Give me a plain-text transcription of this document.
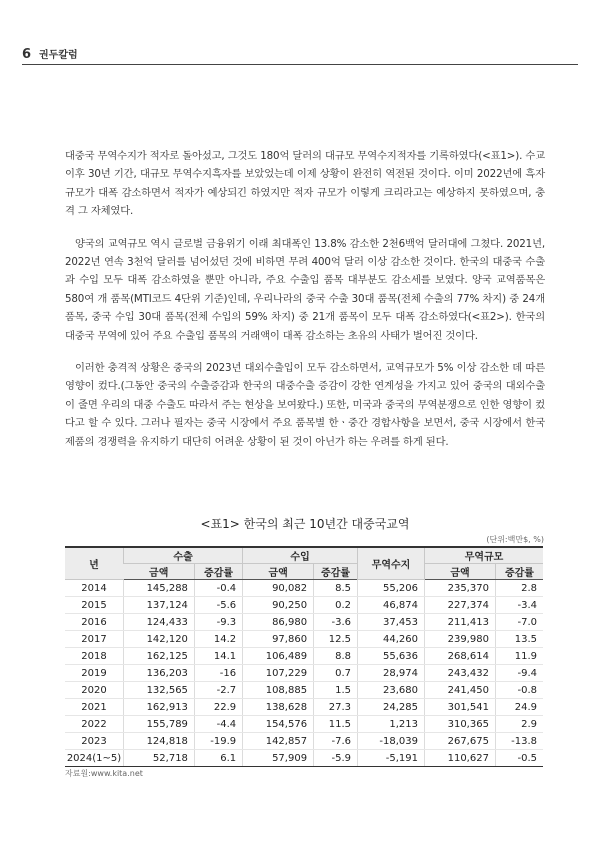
6 권두칼럼

대중국 무역수지가 적자로 돌아섰고, 그것도 180억 달러의 대규모 무역수지적자를 기록하였다(<표1>). 수교 이후 30년 기간, 대규모 무역수지흑자를 보았었는데 이제 상황이 완전히 역전된 것이다. 이미 2022년에 흑자 규모가 대폭 감소하면서 적자가 예상되긴 하였지만 적자 규모가 이렇게 크리라고는 예상하지 못하였으며, 충격 그 자체였다.

양국의 교역규모 역시 글로벌 금융위기 이래 최대폭인 13.8% 감소한 2천6백억 달러대에 그쳤다. 2021년, 2022년 연속 3천억 달러를 넘어섰던 것에 비하면 무려 400억 달러 이상 감소한 것이다. 한국의 대중국 수출과 수입 모두 대폭 감소하였을 뿐만 아니라, 주요 수출입 품목 대부분도 감소세를 보였다. 양국 교역품목은 580여 개 품목(MTI코드 4단위 기준)인데, 우리나라의 중국 수출 30대 품목(전체 수출의 77% 차지) 중 24개 품목, 중국 수입 30대 품목(전체 수입의 59% 차지) 중 21개 품목이 모두 대폭 감소하였다(<표2>). 한국의 대중국 무역에 있어 주요 수출입 품목의 거래액이 대폭 감소하는 초유의 사태가 벌어진 것이다.

이러한 충격적 상황은 중국의 2023년 대외수출입이 모두 감소하면서, 교역규모가 5% 이상 감소한 데 따른 영향이 컸다.(그동안 중국의 수출증감과 한국의 대중수출 증감이 강한 연계성을 가지고 있어 중국의 대외수출이 줄면 우리의 대중 수출도 따라서 주는 현상을 보여왔다.) 또한, 미국과 중국의 무역분쟁으로 인한 영향이 컸다고 할 수 있다. 그러나 필자는 중국 시장에서 주요 품목별 한ㆍ중간 경합사항을 보면서, 중국 시장에서 한국 제품의 경쟁력을 유지하기 대단히 어려운 상황이 된 것이 아닌가 하는 우려를 하게 된다.

<표1> 한국의 최근 10년간 대중국교역
(단위:백만$, %)
년	수출		수입		무역수지	무역규모	
	금액	증감률	금액	증감률		금액	증감률
2014	145,288	-0.4	90,082	8.5	55,206	235,370	2.8
2015	137,124	-5.6	90,250	0.2	46,874	227,374	-3.4
2016	124,433	-9.3	86,980	-3.6	37,453	211,413	-7.0
2017	142,120	14.2	97,860	12.5	44,260	239,980	13.5
2018	162,125	14.1	106,489	8.8	55,636	268,614	11.9
2019	136,203	-16	107,229	0.7	28,974	243,432	-9.4
2020	132,565	-2.7	108,885	1.5	23,680	241,450	-0.8
2021	162,913	22.9	138,628	27.3	24,285	301,541	24.9
2022	155,789	-4.4	154,576	11.5	1,213	310,365	2.9
2023	124,818	-19.9	142,857	-7.6	-18,039	267,675	-13.8
2024(1~5)	52,718	6.1	57,909	-5.9	-5,191	110,627	-0.5
자료원:www.kita.net
